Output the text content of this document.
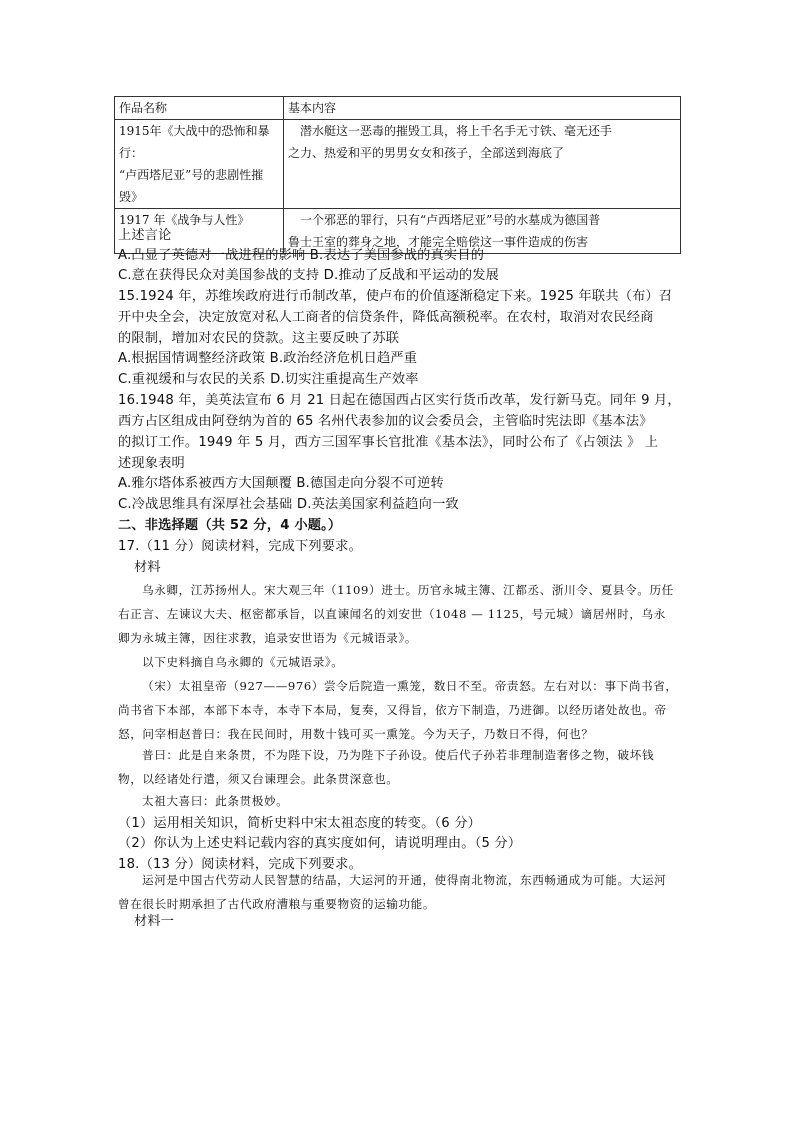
作品名称	基本内容

1915年《大战中的恐怖和暴行：
“卢西塔尼亚”号的悲剧性摧
毁》	潜水艇这一恶毒的摧毁工具，将上千名手无寸铁、毫无还手
之力、热爱和平的男男女女和孩子，全部送到海底了

1917 年《战争与人性》	一个邪恶的罪行，只有“卢西塔尼亚”号的水墓成为德国普
鲁士王室的葬身之地，才能完全赔偿这一事件造成的伤害
上述言论
A.凸显了英德对一战进程的影响 B.表达了美国参战的真实目的
C.意在获得民众对美国参战的支持 D.推动了反战和平运动的发展
15.1924 年，苏维埃政府进行币制改革，使卢布的价值逐渐稳定下来。1925 年联共（布）召
开中央全会，决定放宽对私人工商者的信贷条件，降低高额税率。在农村，取消对农民经商
的限制，增加对农民的贷款。这主要反映了苏联
A.根据国情调整经济政策 B.政治经济危机日趋严重
C.重视缓和与农民的关系 D.切实注重提高生产效率
16.1948 年，美英法宣布 6 月 21 日起在德国西占区实行货币改革，发行新马克。同年 9 月，
西方占区组成由阿登纳为首的 65 名州代表参加的议会委员会，主管临时宪法即《基本法》
的拟订工作。1949 年 5 月，西方三国军事长官批准《基本法》，同时公布了《占领法 》 上
述现象表明
A.雅尔塔体系被西方大国颠覆 B.德国走向分裂不可逆转
C.冷战思维具有深厚社会基础 D.英法美国家利益趋向一致
二、非选择题（共 52 分，4 小题。）
17.（11 分）阅读材料，完成下列要求。
材料
乌永卿，江苏扬州人。宋大观三年（1109）进士。历官永城主簿、江都丞、浙川令、夏县令。历任右正言、左谏议大夫、枢密都承旨，以直谏闻名的刘安世（1048 — 1125，号元城）谪居州时，乌永卿为永城主簿，因往求教，追录安世语为《元城语录》。
以下史料摘自乌永卿的《元城语录》。
（宋）太祖皇帝（927——976）尝令后院造一熏笼，数日不至。帝责怒。左右对以：事下尚书省，尚书省下本部，本部下本寺，本寺下本局，复奏，又得旨，依方下制造，乃进御。以经历诸处故也。帝怒，问宰相赵普曰：我在民间时，用数十钱可买一熏笼。今为天子，乃数日不得，何也？
普曰：此是自来条贯，不为陛下设，乃为陛下子孙设。使后代子孙若非理制造奢侈之物，破坏钱物，以经诸处行遣，须又台谏理会。此条贯深意也。
太祖大喜曰：此条贯极妙。
（1）运用相关知识，简析史料中宋太祖态度的转变。（6 分）
（2）你认为上述史料记载内容的真实度如何，请说明理由。（5 分）
18.（13 分）阅读材料，完成下列要求。
运河是中国古代劳动人民智慧的结晶，大运河的开通，使得南北物流，东西畅通成为可能。大运河曾在很长时期承担了古代政府漕粮与重要物资的运输功能。
材料一
